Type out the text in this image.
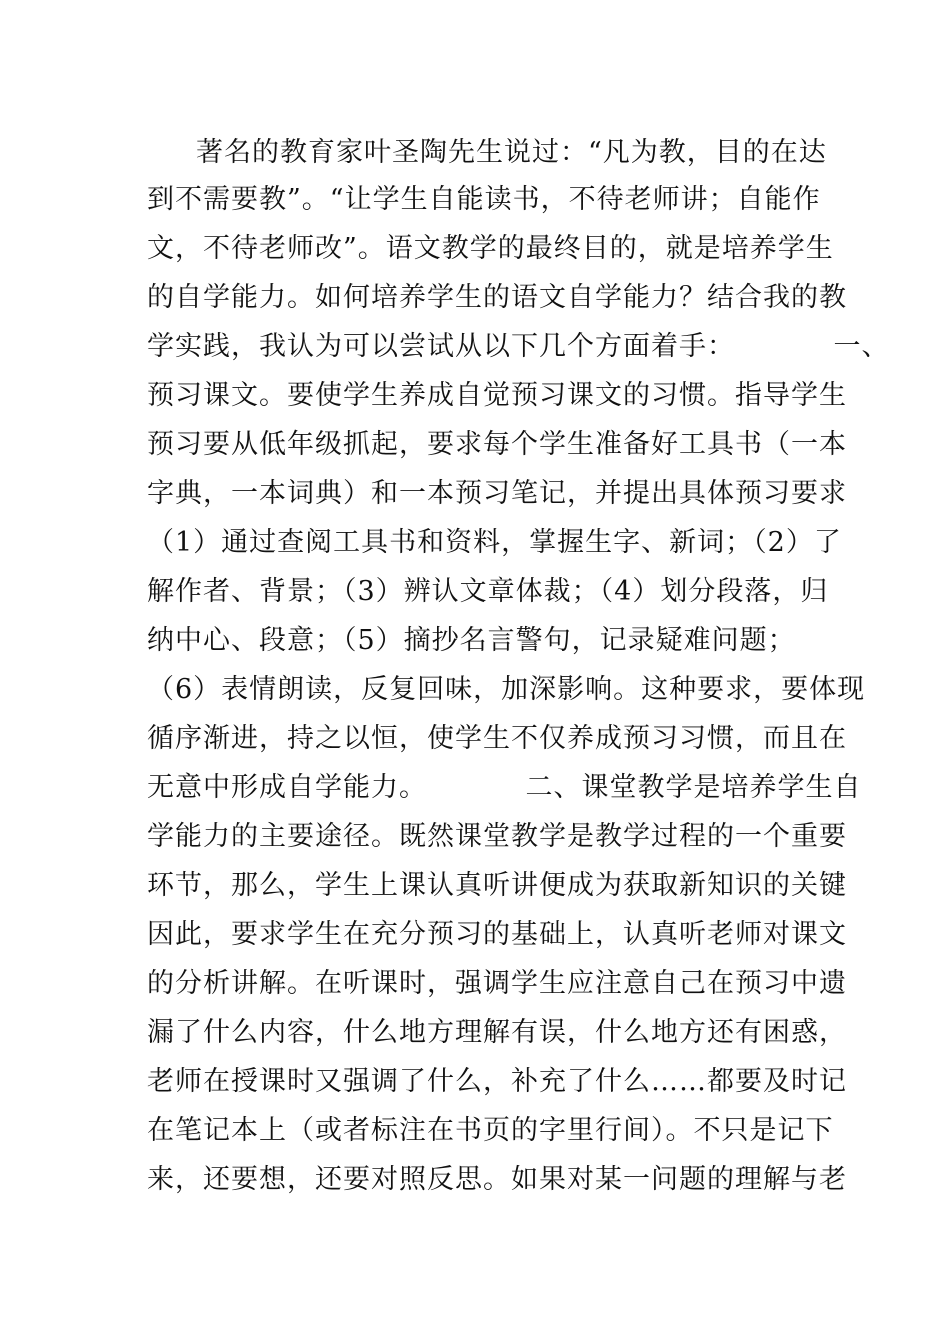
著名的教育家叶圣陶先生说过：“凡为教，目的在达
到不需要教”。“让学生自能读书，不待老师讲；自能作
文，不待老师改”。语文教学的最终目的，就是培养学生
的自学能力。如何培养学生的语文自学能力？结合我的教
学实践，我认为可以尝试从以下几个方面着手：　　　　一、
预习课文。要使学生养成自觉预习课文的习惯。指导学生
预习要从低年级抓起，要求每个学生准备好工具书（一本
字典，一本词典）和一本预习笔记，并提出具体预习要求
（1）通过查阅工具书和资料，掌握生字、新词；（2）了
解作者、背景；（3）辨认文章体裁；（4）划分段落，归
纳中心、段意；（5）摘抄名言警句，记录疑难问题；
（6）表情朗读，反复回味，加深影响。这种要求，要体现
循序渐进，持之以恒，使学生不仅养成预习习惯，而且在
无意中形成自学能力。　　　　二、课堂教学是培养学生自
学能力的主要途径。既然课堂教学是教学过程的一个重要
环节，那么，学生上课认真听讲便成为获取新知识的关键
因此，要求学生在充分预习的基础上，认真听老师对课文
的分析讲解。在听课时，强调学生应注意自己在预习中遗
漏了什么内容，什么地方理解有误，什么地方还有困惑，
老师在授课时又强调了什么，补充了什么……都要及时记
在笔记本上（或者标注在书页的字里行间）。不只是记下
来，还要想，还要对照反思。如果对某一问题的理解与老
